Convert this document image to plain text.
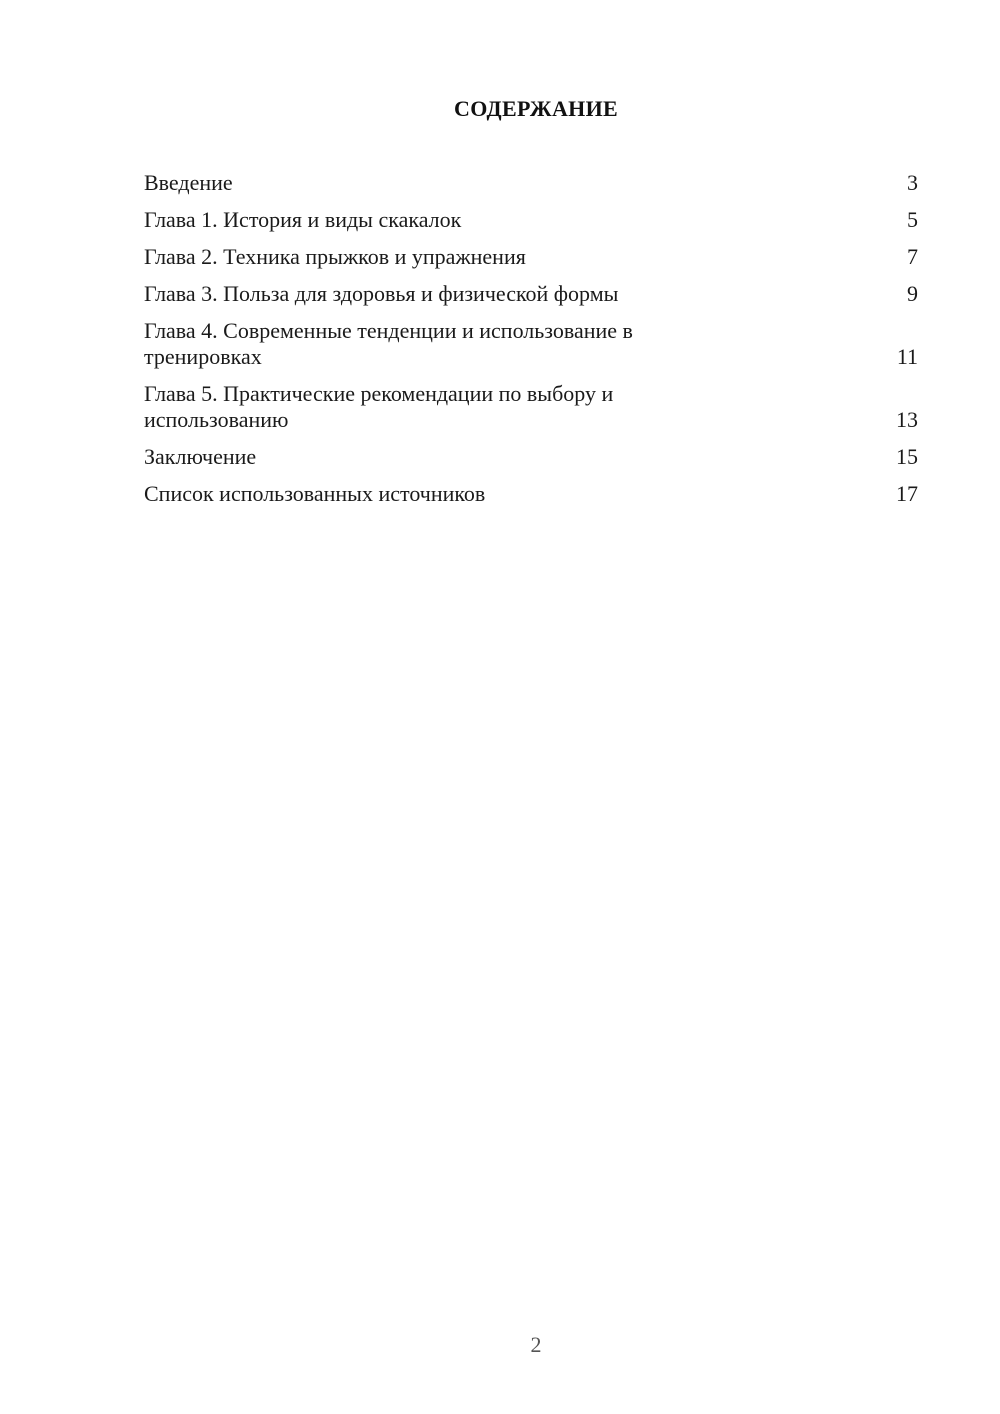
СОДЕРЖАНИЕ
Введение	3
Глава 1. История и виды скакалок	5
Глава 2. Техника прыжков и упражнения	7
Глава 3. Польза для здоровья и физической формы	9
Глава 4. Современные тенденции и использование в тренировках	11
Глава 5. Практические рекомендации по выбору и использованию	13
Заключение	15
Список использованных источников	17
2
